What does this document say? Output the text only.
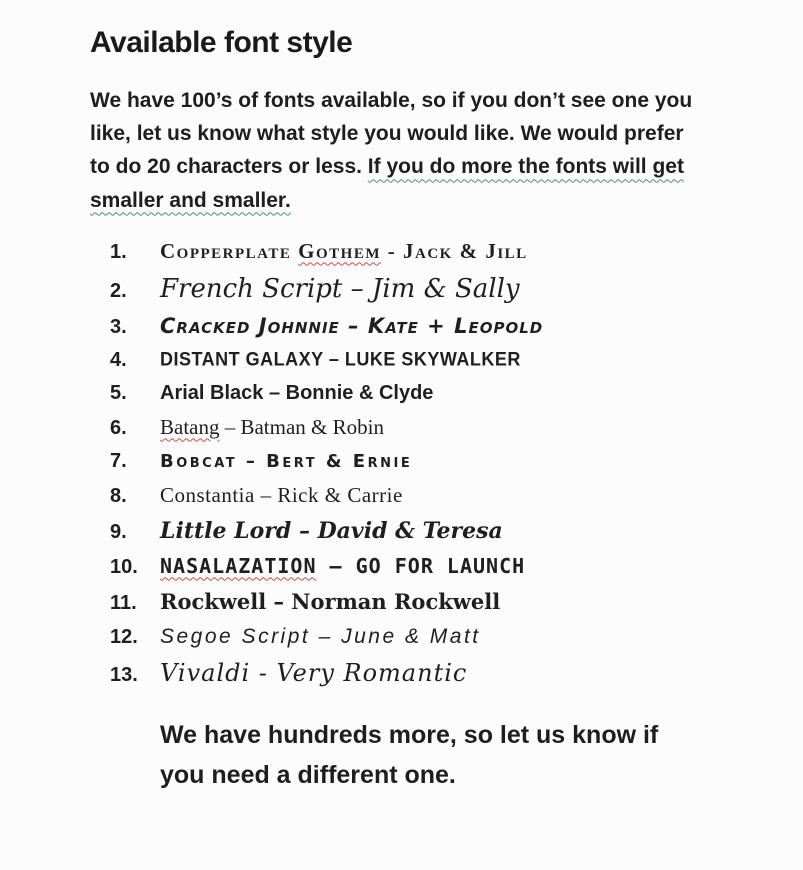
Available font style

We have 100’s of fonts available, so if you don’t see one you like, let us know what style you would like. We would prefer to do 20 characters or less. If you do more the fonts will get smaller and smaller.

1.	Copperplate Gothem - Jack & Jill
2.	French Script – Jim & Sally
3.	Cracked Johnnie – Kate + Leopold
4.	DISTANT GALAXY – LUKE SKYWALKER
5.	Arial Black – Bonnie & Clyde
6.	Batang – Batman & Robin
7.	Bobcat – Bert & Ernie
8.	Constantia – Rick & Carrie
9.	Little Lord – David & Teresa
10.	NASALAZATION – GO FOR LAUNCH
11.	Rockwell – Norman Rockwell
12.	Segoe Script – June & Matt
13. Vivaldi - Very Romantic

We have hundreds more, so let us know if you need a different one.
